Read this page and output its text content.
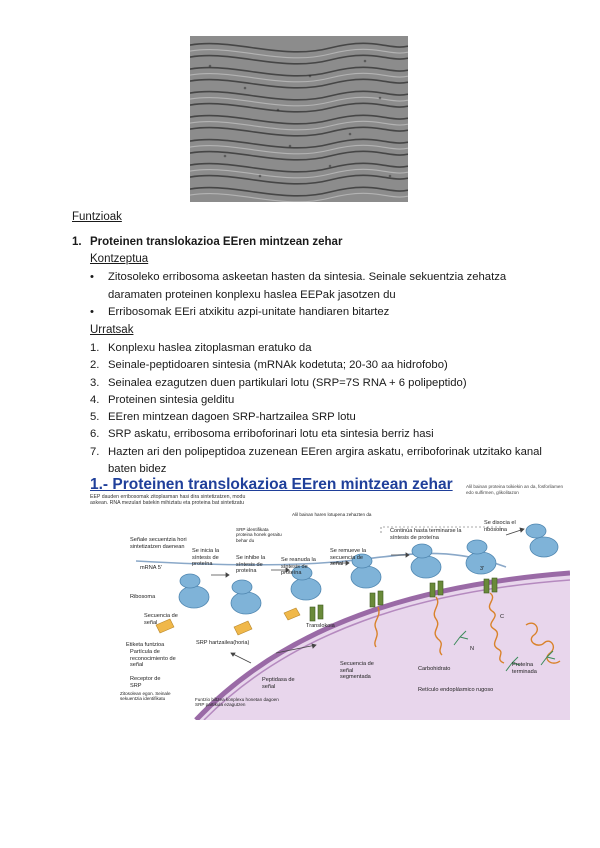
Funtzioak
1. Proteinen translokazioa EEren mintzean zehar
Kontzeptua
• Zitosoleko erribosoma askeetan hasten da sintesia. Seinale sekuentzia zehatza daramaten proteinen konplexu haslea EEPak jasotzen du
• Erribosomak EEri atxikitu azpi-unitate handiaren bitartez
Urratsak
1. Konplexu haslea zitoplasman eratuko da
2. Seinale-peptidoaren sintesia (mRNAk kodetuta; 20-30 aa hidrofobo)
3. Seinalea ezagutzen duen partikulari lotu (SRP=7S RNA + 6 polipeptido)
4. Proteinen sintesia gelditu
5. EEren mintzean dagoen SRP-hartzailea SRP lotu
6. SRP askatu, erribosoma erriboforinari lotu eta sintesia berriz hasi
7. Hazten ari den polipeptidoa zuzenean EEren argira askatu, erriboforinak utzitako kanal baten bidez
1.- Proteinen translokazioa EEren mintzean zehar
EEP dauden erribosomak zitoplasman hasi dira sintetizatzen, modu askean. RNA mezulari batekin mihiztatu eta proteina bat sintetizatu
Alil bainan proteina txikiekin an da, fosforilamen edo sulfirmen, glikolitazon
Señale secuentzia hori sintetizatzen daenean
mRNA 5'
Se inicia la síntesis de proteína
SRP identifikata proteina honek geraitu behar du
Se inhibe la síntesis de proteína
Se reanuda la síntesis de proteína
Se remueve la secuencia de señal
Continúa hasta terminarse la síntesis de proteína
Se disocia el ribosoma
Ribosoma
Secuencia de señal
Etiketa funtzioa
Partícula de reconocimiento de señal
Receptor de SRP
Zitosolean egon. Seinale sekuentzia identifikatu	Funtzio biltzea konplexu honetan dagoen SRP partikula ezagutzen
Peptidasa de señal
Secuencia de señal segmentada
Carbohidrato
Proteína terminada
Retículo endoplásmico rugoso
SRP hartzailea(horia)
Translokoia
N
C
3'
Alil bainan haren lotupena zehazten da
